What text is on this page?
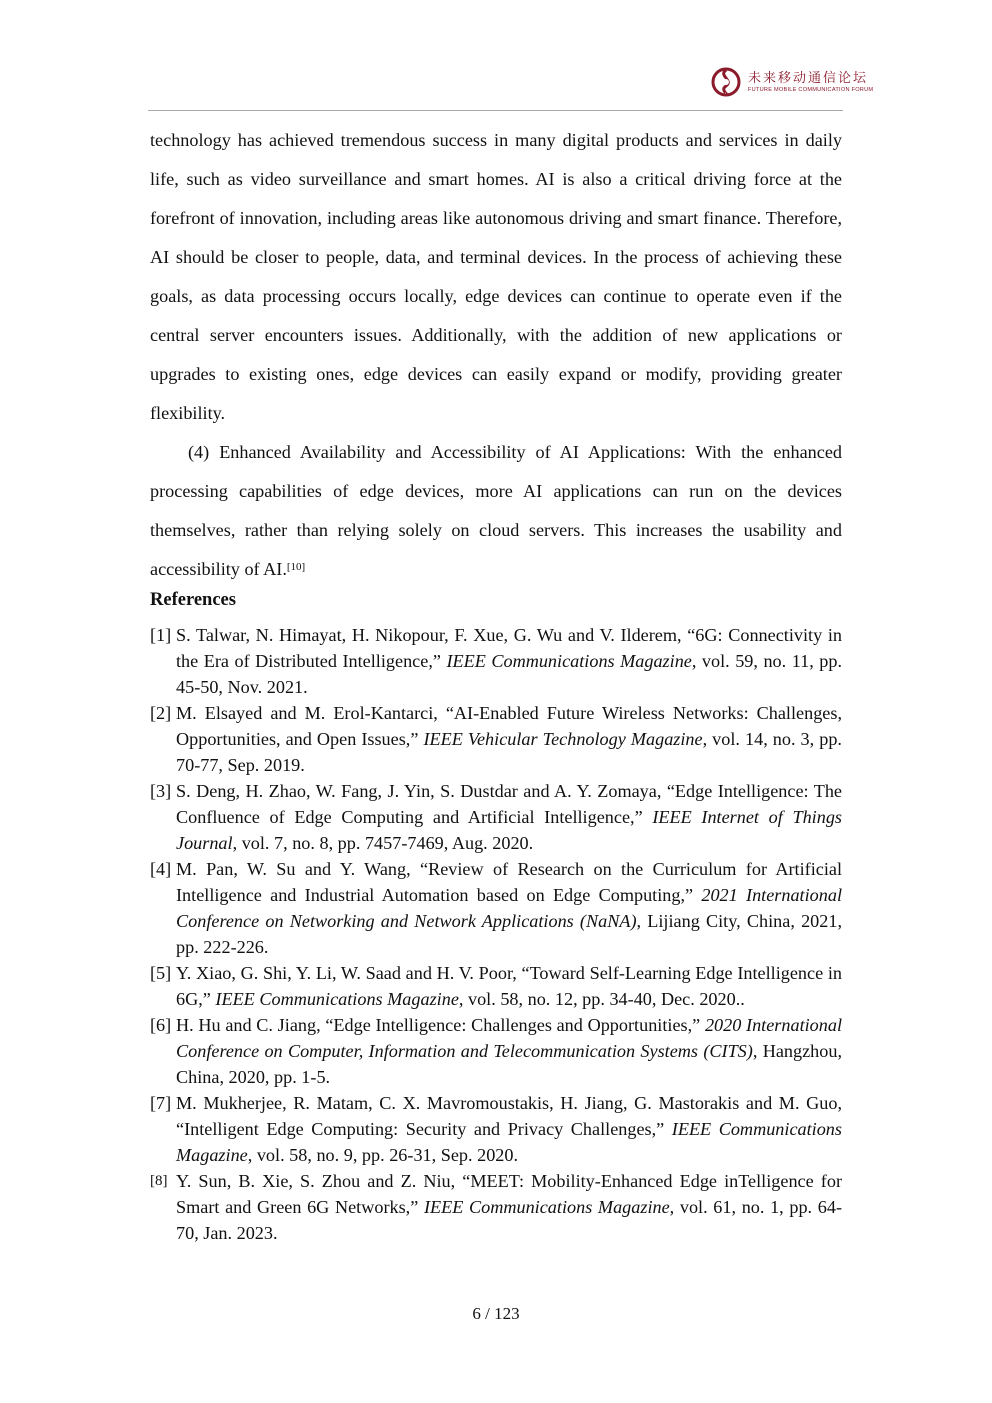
未来移动通信论坛
FUTURE MOBILE COMMUNICATION FORUM

technology has achieved tremendous success in many digital products and services in daily life, such as video surveillance and smart homes. AI is also a critical driving force at the forefront of innovation, including areas like autonomous driving and smart finance. Therefore, AI should be closer to people, data, and terminal devices. In the process of achieving these goals, as data processing occurs locally, edge devices can continue to operate even if the central server encounters issues. Additionally, with the addition of new applications or upgrades to existing ones, edge devices can easily expand or modify, providing greater flexibility.

(4) Enhanced Availability and Accessibility of AI Applications: With the enhanced processing capabilities of edge devices, more AI applications can run on the devices themselves, rather than relying solely on cloud servers. This increases the usability and accessibility of AI.[10]

References
[1] S. Talwar, N. Himayat, H. Nikopour, F. Xue, G. Wu and V. Ilderem, “6G: Connectivity in the Era of Distributed Intelligence,” IEEE Communications Magazine, vol. 59, no. 11, pp. 45-50, Nov. 2021.
[2] M. Elsayed and M. Erol-Kantarci, “AI-Enabled Future Wireless Networks: Challenges, Opportunities, and Open Issues,” IEEE Vehicular Technology Magazine, vol. 14, no. 3, pp. 70-77, Sep. 2019.
[3] S. Deng, H. Zhao, W. Fang, J. Yin, S. Dustdar and A. Y. Zomaya, “Edge Intelligence: The Confluence of Edge Computing and Artificial Intelligence,” IEEE Internet of Things Journal, vol. 7, no. 8, pp. 7457-7469, Aug. 2020.
[4] M. Pan, W. Su and Y. Wang, “Review of Research on the Curriculum for Artificial Intelligence and Industrial Automation based on Edge Computing,” 2021 International Conference on Networking and Network Applications (NaNA), Lijiang City, China, 2021, pp. 222-226.
[5] Y. Xiao, G. Shi, Y. Li, W. Saad and H. V. Poor, “Toward Self-Learning Edge Intelligence in 6G,” IEEE Communications Magazine, vol. 58, no. 12, pp. 34-40, Dec. 2020..
[6] H. Hu and C. Jiang, “Edge Intelligence: Challenges and Opportunities,” 2020 International Conference on Computer, Information and Telecommunication Systems (CITS), Hangzhou, China, 2020, pp. 1-5.
[7] M. Mukherjee, R. Matam, C. X. Mavromoustakis, H. Jiang, G. Mastorakis and M. Guo, “Intelligent Edge Computing: Security and Privacy Challenges,” IEEE Communications Magazine, vol. 58, no. 9, pp. 26-31, Sep. 2020.
[8] Y. Sun, B. Xie, S. Zhou and Z. Niu, “MEET: Mobility-Enhanced Edge inTelligence for Smart and Green 6G Networks,” IEEE Communications Magazine, vol. 61, no. 1, pp. 64-70, Jan. 2023.
6 / 123
